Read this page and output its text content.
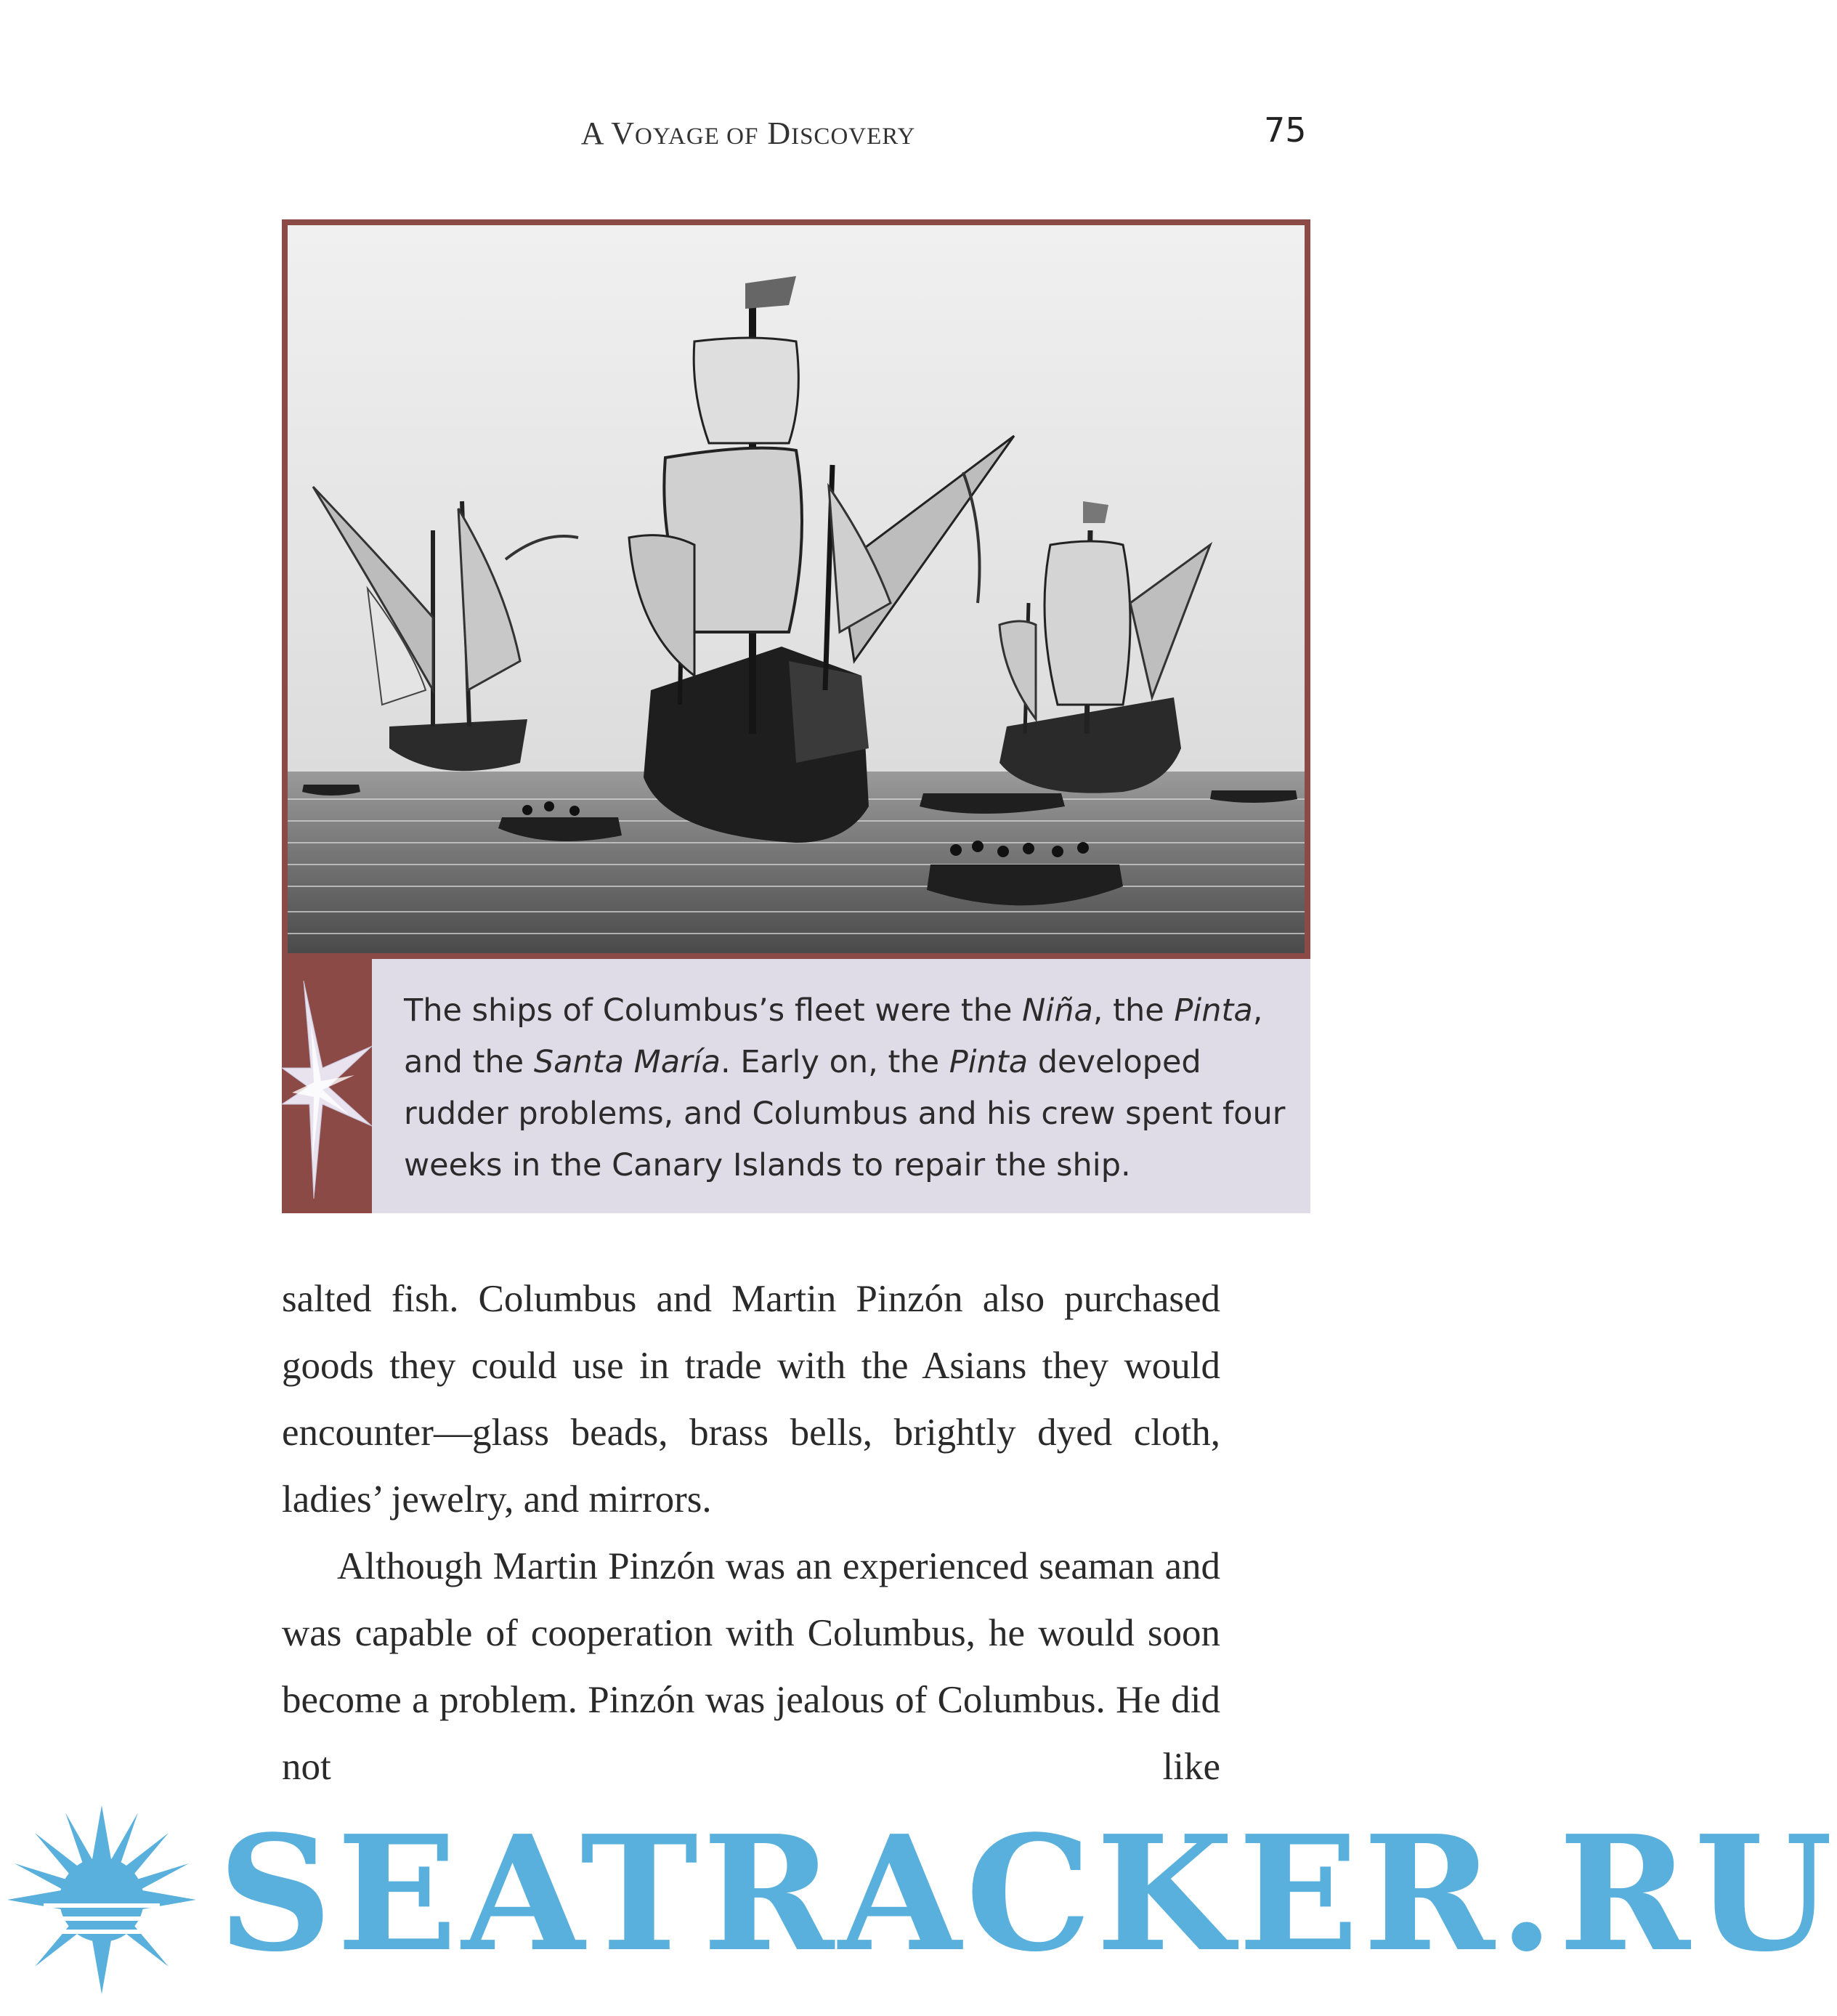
A VOYAGE OF DISCOVERY	75
The ships of Columbus’s fleet were the Niña, the Pinta, and the Santa María. Early on, the Pinta developed rudder problems, and Columbus and his crew spent four weeks in the Canary Islands to repair the ship.

salted fish. Columbus and Martin Pinzón also purchased goods they could use in trade with the Asians they would encounter—glass beads, brass bells, brightly dyed cloth, ladies’ jewelry, and mirrors.

Although Martin Pinzón was an experienced seaman and was capable of cooperation with Columbus, he would soon become a problem. Pinzón was jealous of Columbus. He did not like

SEATRACKER.RU
